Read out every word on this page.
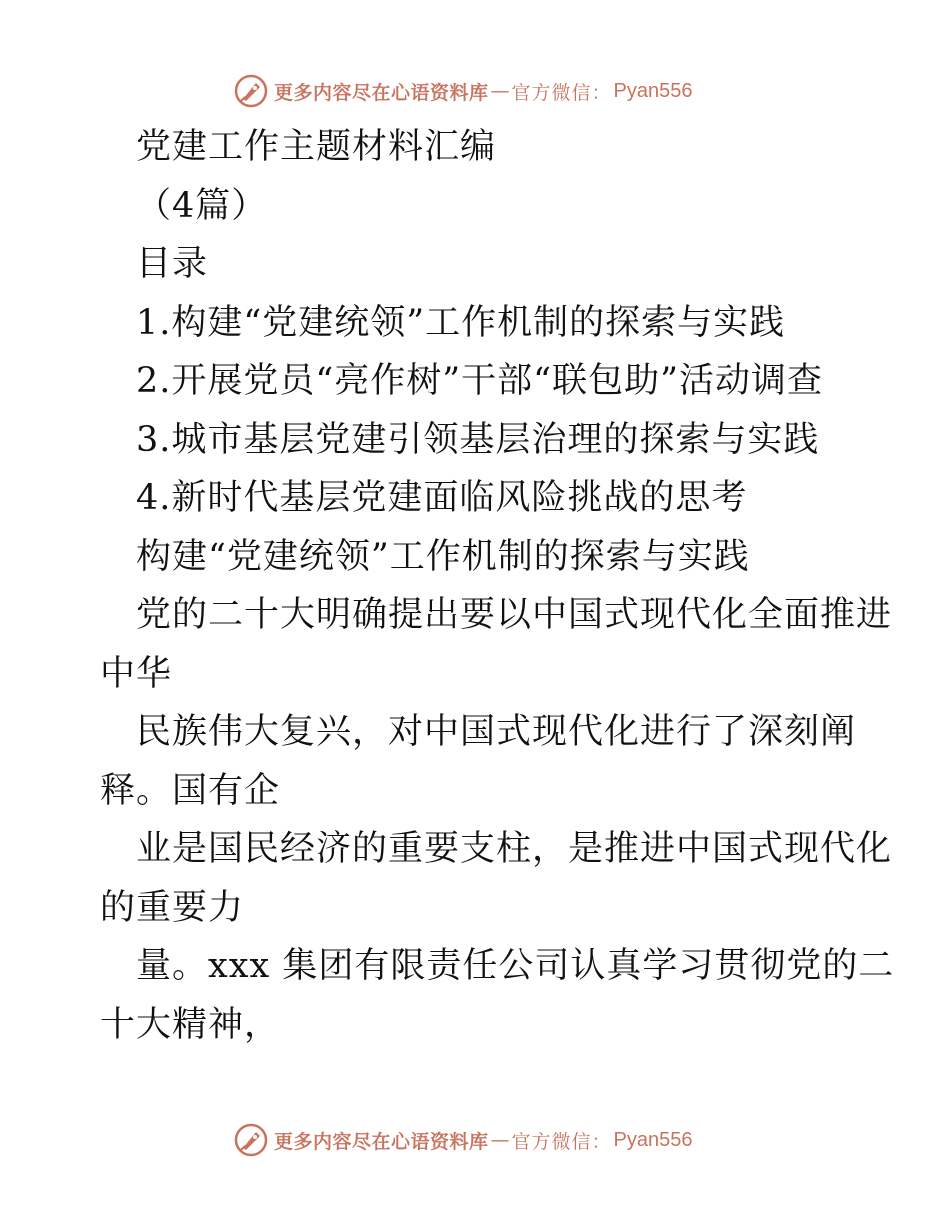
更多内容尽在心语资料库 — 官方微信： Pyan556
党建工作主题材料汇编
（4篇）
目录
1.构建“党建统领”工作机制的探索与实践
2.开展党员“亮作树”干部“联包助”活动调查
3.城市基层党建引领基层治理的探索与实践
4.新时代基层党建面临风险挑战的思考
构建“党建统领”工作机制的探索与实践
党的二十大明确提出要以中国式现代化全面推进
中华
民族伟大复兴，对中国式现代化进行了深刻阐
释。国有企
业是国民经济的重要支柱，是推进中国式现代化
的重要力
量。xxx 集团有限责任公司认真学习贯彻党的二
十大精神，
更多内容尽在心语资料库 — 官方微信： Pyan556
